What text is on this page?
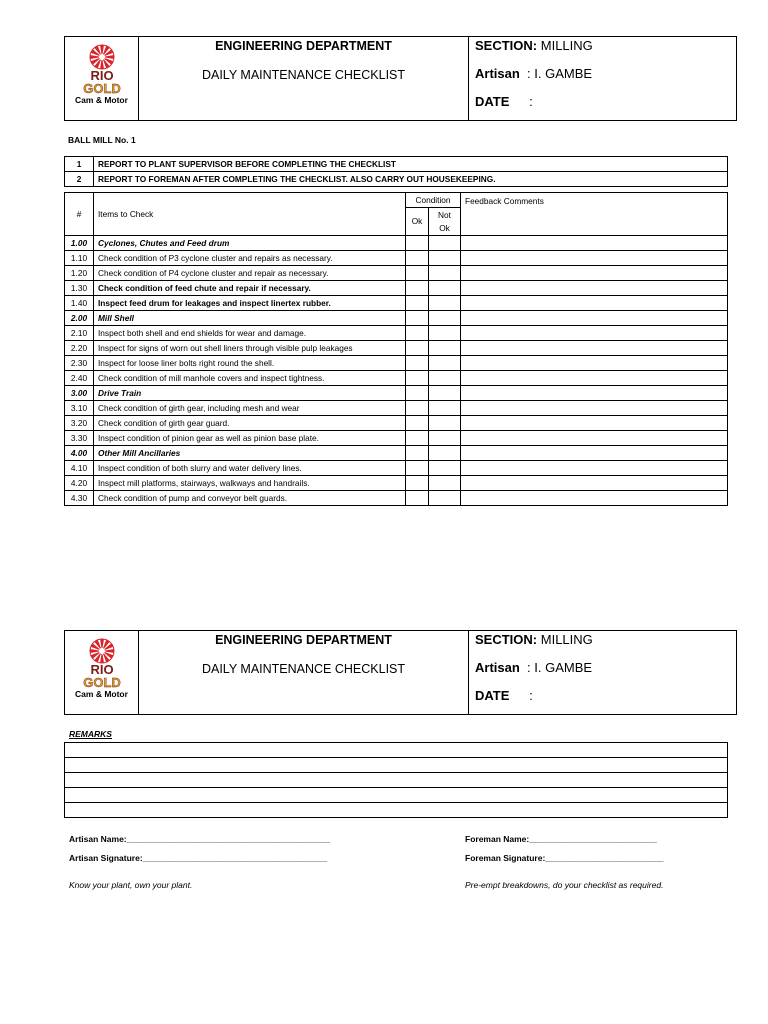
RIO
GOLD
Cam & Motor
ENGINEERING DEPARTMENT
DAILY MAINTENANCE CHECKLIST
SECTION: MILLING
Artisan : I. GAMBE
DATE :
BALL MILL No. 1
1	REPORT TO PLANT SUPERVISOR BEFORE COMPLETING THE CHECKLIST
2	REPORT TO FOREMAN AFTER COMPLETING THE CHECKLIST. ALSO CARRY OUT HOUSEKEEPING.
#	Items to Check	Condition		Feedback Comments
		Ok	Not	
			Ok	
1.00	Cyclones, Chutes and Feed drum			
1.10	Check condition of P3 cyclone cluster and repairs as necessary.			
1.20	Check condition of P4 cyclone cluster and repair as necessary.			
1.30	Check condition of feed chute and repair if necessary.			
1.40	Inspect feed drum for leakages and inspect linertex rubber.			
2.00	Mill Shell			
2.10	Inspect both shell and end shields for wear and damage.			
2.20	Inspect for signs of worn out shell liners through visible pulp leakages			
2.30	Inspect for loose liner bolts right round the shell.			
2.40	Check condition of mill manhole covers and inspect tightness.			
3.00	Drive Train			
3.10	Check condition of girth gear, including mesh and wear			
3.20	Check condition of girth gear guard.			
3.30	Inspect condition of pinion gear as well as pinion base plate.			
4.00	Other Mill Ancillaries			
4.10	Inspect condition of both slurry and water delivery lines.			
4.20	Inspect mill platforms, stairways, walkways and handrails.			
4.30	Check condition of pump and conveyor belt guards.			
RIO
GOLD
Cam & Motor
ENGINEERING DEPARTMENT
DAILY MAINTENANCE CHECKLIST
SECTION: MILLING
Artisan : I. GAMBE
DATE :
REMARKS

Artisan Name:___________________________________________
Artisan Signature:_______________________________________
Foreman Name:___________________________
Foreman Signature:_________________________
Know your plant, own your plant.	Pre-empt breakdowns, do your checklist as required.
